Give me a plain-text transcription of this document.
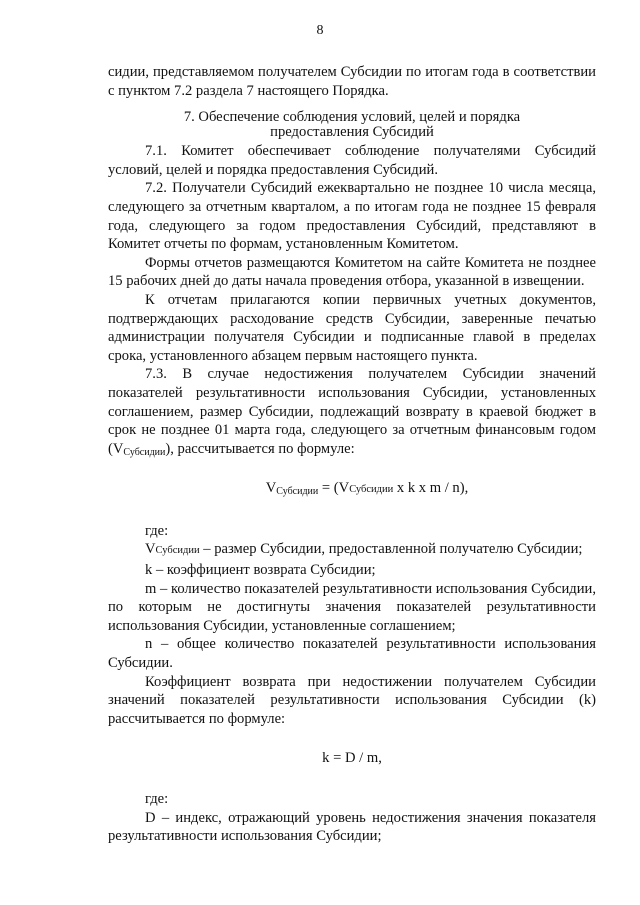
8

сидии, представляемом получателем Субсидии по итогам года в соответствии с пунктом 7.2 раздела 7 настоящего Порядка.

7. Обеспечение соблюдения условий, целей и порядка
предоставления Субсидий

7.1. Комитет обеспечивает соблюдение получателями Субсидий условий, целей и порядка предоставления Субсидий.

7.2. Получатели Субсидий ежеквартально не позднее 10 числа месяца, следующего за отчетным кварталом, а по итогам года не позднее 15 февраля года, следующего за годом предоставления Субсидий, представляют в Комитет отчеты по формам, установленным Комитетом.

Формы отчетов размещаются Комитетом на сайте Комитета не позднее 15 рабочих дней до даты начала проведения отбора, указанной в извещении.

К отчетам прилагаются копии первичных учетных документов, подтверждающих расходование средств Субсидии, заверенные печатью администрации получателя Субсидии и подписанные главой в пределах срока, установленного абзацем первым настоящего пункта.

7.3. В случае недостижения получателем Субсидии значений показателей результативности использования Субсидии, установленных соглашением, размер Субсидии, подлежащий возврату в краевой бюджет в срок не позднее 01 марта года, следующего за отчетным финансовым годом $(V_{Субсидии})$, рассчитывается по формуле:

$V_{Субсидии}$ = (VСубсидии x k x m / n),

где:

VСубсидии – размер Субсидии, предоставленной получателю Субсидии;

k – коэффициент возврата Субсидии;

m – количество показателей результативности использования Субсидии, по которым не достигнуты значения показателей результативности использования Субсидии, установленные соглашением;

n – общее количество показателей результативности использования Субсидии.

Коэффициент возврата при недостижении получателем Субсидии значений показателей результативности использования Субсидии (k) рассчитывается по формуле:

k = D / m,

где:

D – индекс, отражающий уровень недостижения значения показателя результативности использования Субсидии;
